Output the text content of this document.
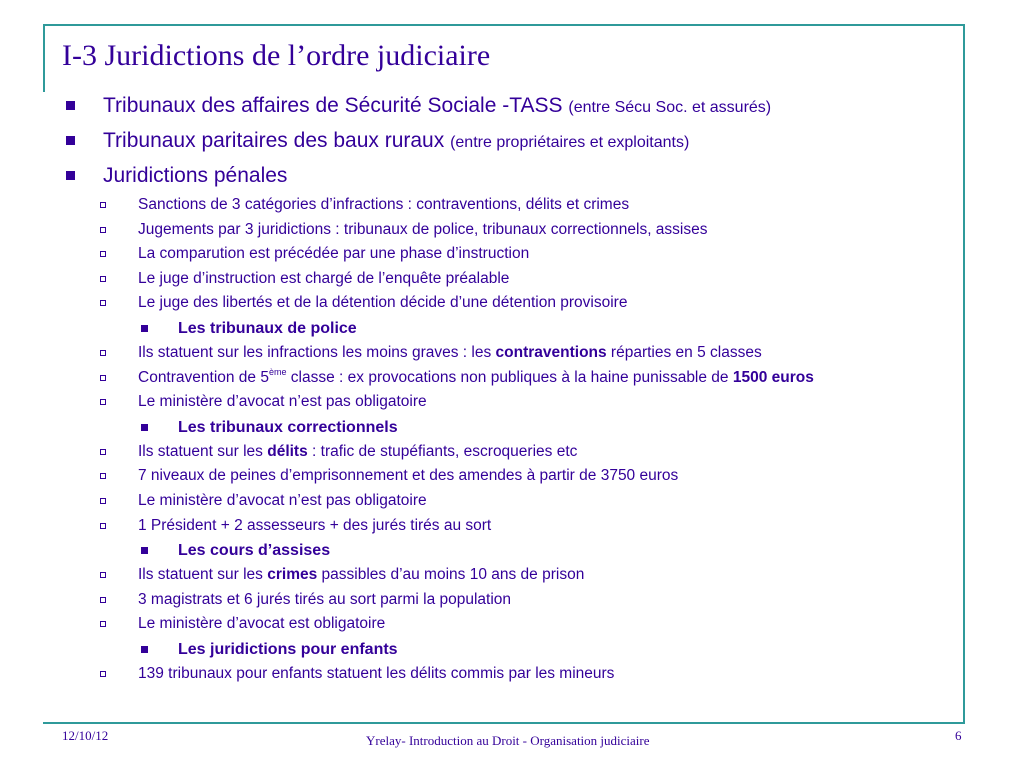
I-3 Juridictions de l’ordre judiciaire
Tribunaux des affaires de Sécurité Sociale -TASS (entre Sécu Soc. et assurés)
Tribunaux paritaires des baux ruraux (entre propriétaires et exploitants)
Juridictions pénales
Sanctions de 3 catégories d’infractions : contraventions, délits et crimes
Jugements par 3 juridictions : tribunaux de police, tribunaux correctionnels, assises
La comparution est précédée par une phase d’instruction
Le juge d’instruction est chargé de l’enquête préalable
Le juge des libertés et de la détention décide d’une détention provisoire
Les tribunaux de police
Ils statuent sur les infractions les moins graves : les contraventions réparties en 5 classes
Contravention de 5ème classe : ex provocations non publiques à la haine punissable de 1500 euros
Le ministère d’avocat n’est pas obligatoire
Les tribunaux correctionnels
Ils statuent sur les délits : trafic de stupéfiants, escroqueries etc
7 niveaux de peines d’emprisonnement et des amendes à partir de 3750 euros
Le ministère d’avocat n’est pas obligatoire
1 Président + 2 assesseurs + des jurés tirés au sort
Les cours d’assises
Ils statuent sur les crimes passibles d’au moins 10 ans de prison
3 magistrats et 6 jurés tirés au sort parmi la population
Le ministère d’avocat est obligatoire
Les juridictions pour enfants
139 tribunaux pour enfants statuent les délits commis par les mineurs
12/10/12	Yrelay- Introduction au Droit - Organisation judiciaire	6
